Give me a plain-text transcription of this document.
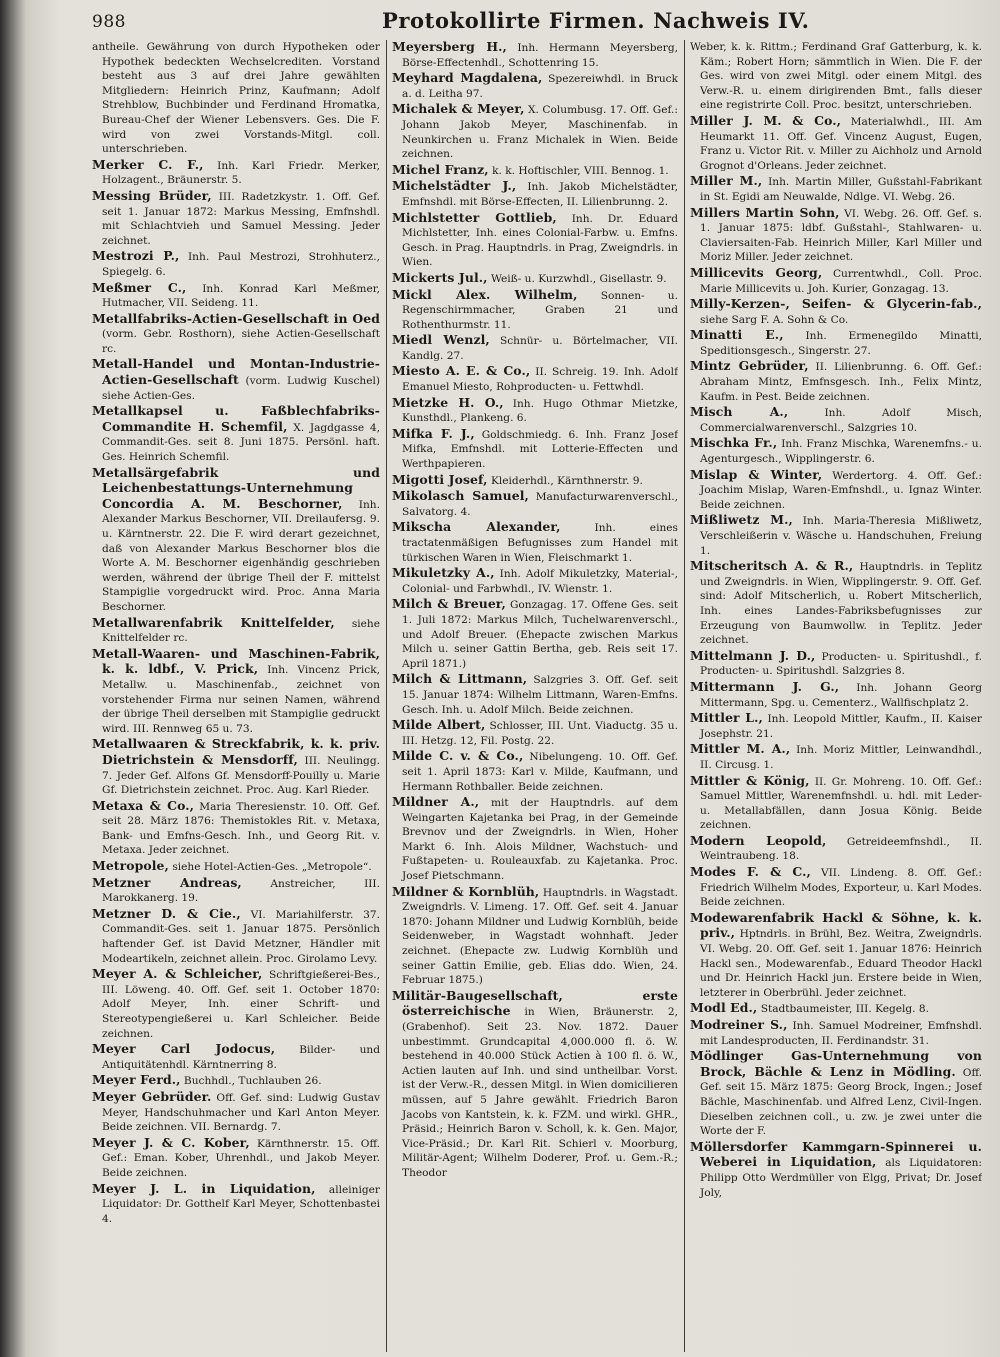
988	Protokollirte Firmen. Nachweis IV.
antheile. Gewährung von durch Hypotheken oder Hypothek bedeckten Wechselcrediten. Vorstand besteht aus 3 auf drei Jahre gewählten Mitgliedern: Heinrich Prinz, Kaufmann; Adolf Strehblow, Buchbinder und Ferdinand Hromatka, Bureau-Chef der Wiener Lebensvers. Ges. Die F. wird von zwei Vorstands-Mitgl. coll. unterschrieben.
Merker C. F., Inh. Karl Friedr. Merker, Holzagent., Bräunerstr. 5.
Messing Brüder, III. Radetzkystr. 1. Off. Gef. seit 1. Januar 1872: Markus Messing, Emfnshdl. mit Schlachtvieh und Samuel Messing. Jeder zeichnet.
Mestrozi P., Inh. Paul Mestrozi, Strohhuterz., Spiegelg. 6.
Meßmer C., Inh. Konrad Karl Meßmer, Hutmacher, VII. Seideng. 11.
Metallfabriks-Actien-Gesellschaft in Oed (vorm. Gebr. Rosthorn), siehe Actien-Gesellschaft rc.
Metall-Handel und Montan-Industrie-Actien-Gesellschaft (vorm. Ludwig Kuschel) siehe Actien-Ges.
Metallkapsel u. Faßblechfabriks-Commandite H. Schemfil, X. Jagdgasse 4, Commandit-Ges. seit 8. Juni 1875. Persönl. haft. Ges. Heinrich Schemfil.
Metallsärgefabrik und Leichenbestattungs-Unternehmung Concordia A. M. Beschorner, Inh. Alexander Markus Beschorner, VII. Dreilaufersg. 9. u. Kärntnerstr. 22. Die F. wird derart gezeichnet, daß von Alexander Markus Beschorner blos die Worte A. M. Beschorner eigenhändig geschrieben werden, während der übrige Theil der F. mittelst Stampiglie vorgedruckt wird. Proc. Anna Maria Beschorner.
Metallwarenfabrik Knittelfelder, siehe Knittelfelder rc.
Metall-Waaren- und Maschinen-Fabrik, k. k. ldbf., V. Prick, Inh. Vincenz Prick, Metallw. u. Maschinenfab., zeichnet von vorstehender Firma nur seinen Namen, während der übrige Theil derselben mit Stampiglie gedruckt wird. III. Rennweg 65 u. 73.
Metallwaaren & Streckfabrik, k. k. priv. Dietrichstein & Mensdorff, III. Neulingg. 7. Jeder Gef. Alfons Gf. Mensdorff-Pouilly u. Marie Gf. Dietrichstein zeichnet. Proc. Aug. Karl Rieder.
Metaxa & Co., Maria Theresienstr. 10. Off. Gef. seit 28. März 1876: Themistokles Rit. v. Metaxa, Bank- und Emfns-Gesch. Inh., und Georg Rit. v. Metaxa. Jeder zeichnet.
Metropole, siehe Hotel-Actien-Ges. „Metropole“.
Metzner Andreas,	Anstreicher, III. Marokkanerg. 19.
Metzner D. & Cie., VI. Mariahilferstr. 37. Commandit-Ges. seit 1. Januar 1875. Persönlich haftender Gef. ist David Metzner, Händler mit Modeartikeln, zeichnet allein. Proc. Girolamo Levy.
Meyer A. & Schleicher, Schriftgießerei-Bes., III. Löweng. 40. Off. Gef. seit 1. October 1870: Adolf Meyer, Inh. einer Schrift- und Stereotypengießerei u. Karl Schleicher. Beide zeichnen.
Meyer Carl Jodocus, Bilder- und Antiquitätenhdl. Kärntnerring 8.
Meyer Ferd., Buchhdl., Tuchlauben 26.
Meyer Gebrüder. Off. Gef. sind: Ludwig Gustav Meyer, Handschuhmacher und Karl Anton Meyer. Beide zeichnen. VII. Bernardg. 7.
Meyer J. & C. Kober, Kärnthnerstr. 15. Off. Gef.: Eman. Kober, Uhrenhdl., und Jakob Meyer. Beide zeichnen.
Meyer J. L. in Liquidation, alleiniger Liquidator: Dr. Gotthelf Karl Meyer, Schottenbastei 4.
Meyersberg H., Inh. Hermann Meyersberg, Börse-Effectenhdl., Schottenring 15.
Meyhard Magdalena, Spezereiwhdl. in Bruck a. d. Leitha 97.
Michalek & Meyer, X. Columbusg. 17. Off. Gef.: Johann Jakob Meyer, Maschinenfab. in Neunkirchen u. Franz Michalek in Wien. Beide zeichnen.
Michel Franz, k. k. Hoftischler, VIII. Bennog. 1.
Michelstädter J., Inh. Jakob Michelstädter, Emfnshdl. mit Börse-Effecten, II. Lilienbrunng. 2.
Michlstetter Gottlieb, Inh. Dr. Eduard Michlstetter, Inh. eines Colonial-Farbw. u. Emfns. Gesch. in Prag. Hauptndrls. in Prag, Zweigndrls. in Wien.
Mickerts Jul., Weiß- u. Kurzwhdl., Gisellastr. 9.
Mickl Alex. Wilhelm, Sonnen- u. Regenschirmmacher, Graben 21 und Rothenthurmstr. 11.
Miedl Wenzl, Schnür- u. Börtelmacher, VII. Kandlg. 27.
Miesto A. E. & Co., II. Schreig. 19. Inh. Adolf Emanuel Miesto, Rohproducten- u. Fettwhdl.
Mietzke H. O., Inh. Hugo Othmar Mietzke, Kunsthdl., Plankeng. 6.
Mifka F. J., Goldschmiedg. 6. Inh. Franz Josef Mifka, Emfnshdl. mit Lotterie-Effecten und Werthpapieren.
Migotti Josef, Kleiderhdl., Kärnthnerstr. 9.
Mikolasch Samuel, Manufacturwarenverschl., Salvatorg. 4.
Mikscha Alexander,	Inh. eines tractatenmäßigen Befugnisses zum Handel mit türkischen Waren in Wien, Fleischmarkt 1.
Mikuletzky A., Inh. Adolf Mikuletzky, Material-, Colonial- und Farbwhdl., IV. Wienstr. 1.
Milch & Breuer, Gonzagag. 17. Offene Ges. seit 1. Juli 1872: Markus Milch, Tuchelwarenverschl., und Adolf Breuer. (Ehepacte zwischen Markus Milch u. seiner Gattin Bertha, geb. Reis seit 17. April 1871.)
Milch & Littmann, Salzgries 3. Off. Gef. seit 15. Januar 1874: Wilhelm Littmann, Waren-Emfns. Gesch. Inh. u. Adolf Milch. Beide zeichnen.
Milde Albert, Schlosser, III. Unt. Viaductg. 35 u. III. Hetzg. 12, Fil. Postg. 22.
Milde C. v. & Co., Nibelungeng. 10. Off. Gef. seit 1. April 1873: Karl v. Milde, Kaufmann, und Hermann Rothballer. Beide zeichnen.
Mildner A., mit der Hauptndrls. auf dem Weingarten Kajetanka bei Prag, in der Gemeinde Brevnov und der Zweigndrls. in Wien, Hoher Markt 6. Inh. Alois Mildner, Wachstuch- und Fußtapeten- u. Rouleauxfab. zu Kajetanka. Proc. Josef Pietschmann.
Mildner & Kornblüh, Hauptndrls. in Wagstadt. Zweigndrls. V. Limeng. 17. Off. Gef. seit 4. Januar 1870: Johann Mildner und Ludwig Kornblüh, beide Seidenweber, in Wagstadt wohnhaft. Jeder zeichnet. (Ehepacte zw. Ludwig Kornblüh und seiner Gattin Emilie, geb. Elias ddo. Wien, 24. Februar 1875.)
Militär-Baugesellschaft, erste österreichische in Wien, Bräunerstr. 2, (Grabenhof). Seit 23. Nov. 1872. Dauer unbestimmt. Grundcapital 4,000.000 fl. ö. W. bestehend in 40.000 Stück Actien à 100 fl. ö. W., Actien lauten auf Inh. und sind untheilbar. Vorst. ist der Verw.-R., dessen Mitgl. in Wien domicilieren müssen, auf 5 Jahre gewählt. Friedrich Baron Jacobs von Kantstein, k. k. FZM. und wirkl. GHR., Präsid.; Heinrich Baron v. Scholl, k. k. Gen. Major, Vice-Präsid.; Dr. Karl Rit. Schierl v. Moorburg, Militär-Agent; Wilhelm Doderer, Prof. u. Gem.-R.; Theodor
Weber, k. k. Rittm.; Ferdinand Graf Gatterburg, k. k. Käm.; Robert Horn; sämmtlich in Wien. Die F. der Ges. wird von zwei Mitgl. oder einem Mitgl. des Verw.-R. u. einem dirigirenden Bmt., falls dieser eine registrirte Coll. Proc. besitzt, unterschrieben.
Miller J. M. & Co., Materialwhdl., III. Am Heumarkt 11. Off. Gef. Vincenz August, Eugen, Franz u. Victor Rit. v. Miller zu Aichholz und Arnold Grognot d'Orleans. Jeder zeichnet.
Miller M., Inh. Martin Miller, Gußstahl-Fabrikant in St. Egidi am Neuwalde, Ndlge. VI. Webg. 26.
Millers Martin Sohn, VI. Webg. 26. Off. Gef. s. 1. Januar 1875: ldbf. Gußstahl-, Stahlwaren- u. Claviersaiten-Fab. Heinrich Miller, Karl Miller und Moriz Miller. Jeder zeichnet.
Millicevits Georg, Currentwhdl., Coll. Proc. Marie Millicevits u. Joh. Kurier, Gonzagag. 13.
Milly-Kerzen-, Seifen- & Glycerin-fab., siehe Sarg F. A. Sohn & Co.
Minatti E., Inh. Ermenegildo Minatti, Speditionsgesch., Singerstr. 27.
Mintz Gebrüder, II. Lilienbrunng. 6. Off. Gef.: Abraham Mintz, Emfnsgesch. Inh., Felix Mintz, Kaufm. in Pest. Beide zeichnen.
Misch A.,	Inh. Adolf Misch, Commercialwarenverschl., Salzgries 10.
Mischka Fr., Inh. Franz Mischka, Warenemfns.- u. Agenturgesch., Wipplingerstr. 6.
Mislap & Winter, Werdertorg. 4. Off. Gef.: Joachim Mislap, Waren-Emfnshdl., u. Ignaz Winter. Beide zeichnen.
Mißliwetz M., Inh. Maria-Theresia Mißliwetz, Verschleißerin v. Wäsche u. Handschuhen, Freiung 1.
Mitscheritsch A. & R., Hauptndrls. in Teplitz und Zweigndrls. in Wien, Wipplingerstr. 9. Off. Gef. sind: Adolf Mitscherlich, u. Robert Mitscherlich, Inh. eines Landes-Fabriksbefugnisses zur Erzeugung von Baumwollw. in Teplitz. Jeder zeichnet.
Mittelmann J. D., Producten- u. Spiritushdl., f. Producten- u. Spiritushdl. Salzgries 8.
Mittermann J. G., Inh. Johann Georg Mittermann, Spg. u. Cementerz., Wallfischplatz 2.
Mittler L., Inh. Leopold Mittler, Kaufm., II. Kaiser Josephstr. 21.
Mittler M. A., Inh. Moriz Mittler, Leinwandhdl., II. Circusg. 1.
Mittler & König, II. Gr. Mohreng. 10. Off. Gef.: Samuel Mittler, Warenemfnshdl. u. hdl. mit Leder- u. Metallabfällen, dann Josua König. Beide zeichnen.
Modern Leopold, Getreideemfnshdl., II. Weintraubeng. 18.
Modes F. & C., VII. Lindeng. 8. Off. Gef.: Friedrich Wilhelm Modes, Exporteur, u. Karl Modes. Beide zeichnen.
Modewarenfabrik Hackl & Söhne, k. k. priv., Hptndrls. in Brühl, Bez. Weitra, Zweigndrls. VI. Webg. 20. Off. Gef. seit 1. Januar 1876: Heinrich Hackl sen., Modewarenfab., Eduard Theodor Hackl und Dr. Heinrich Hackl jun. Erstere beide in Wien, letzterer in Oberbrühl. Jeder zeichnet.
Modl Ed., Stadtbaumeister, III. Kegelg. 8.
Modreiner S., Inh. Samuel Modreiner, Emfnshdl. mit Landesproducten, II. Ferdinandstr. 31.
Mödlinger Gas-Unternehmung von Brock, Bächle & Lenz in Mödling. Off. Gef. seit 15. März 1875: Georg Brock, Ingen.; Josef Bächle, Maschinenfab. und Alfred Lenz, Civil-Ingen. Dieselben zeichnen coll., u. zw. je zwei unter die Worte der F.
Möllersdorfer Kammgarn-Spinnerei u. Weberei in Liquidation, als Liquidatoren: Philipp Otto Werdmüller von Elgg, Privat; Dr. Josef Joly,
